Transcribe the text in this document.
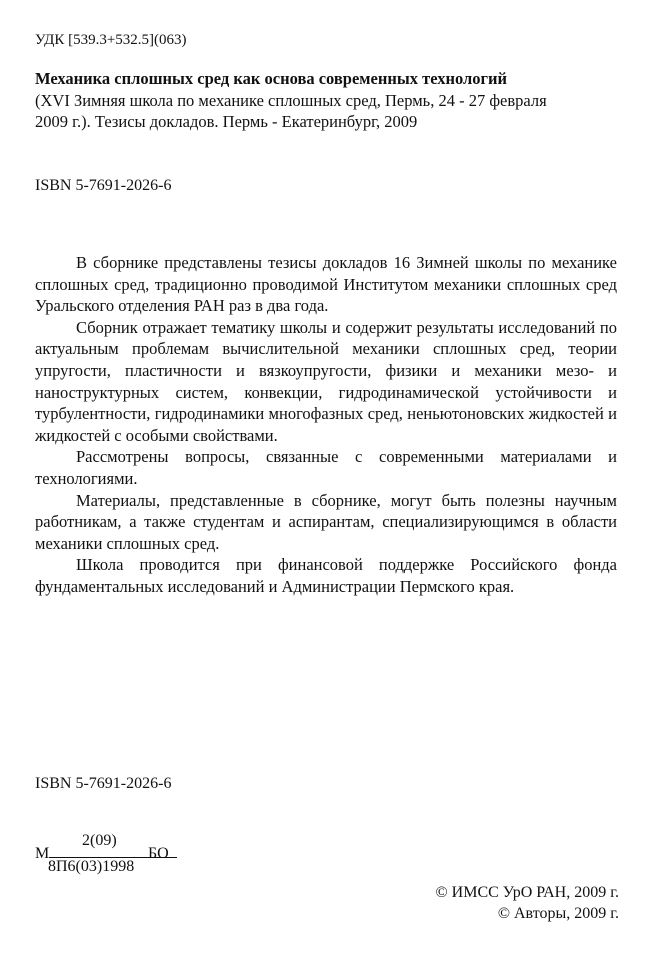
УДК [539.3+532.5](063)
Механика сплошных сред как основа современных технологий
(XVI Зимняя школа по механике сплошных сред, Пермь, 24 - 27 февраля
2009 г.). Тезисы докладов. Пермь - Екатеринбург, 2009
ISBN 5-7691-2026-6

В сборнике представлены тезисы докладов 16 Зимней школы по механике сплошных сред, традиционно проводимой Институтом механики сплошных сред Уральского отделения РАН раз в два года.

Сборник отражает тематику школы и содержит результаты исследований по актуальным проблемам вычислительной механики сплошных сред, теории упругости, пластичности и вязкоупругости, физики и механики мезо- и наноструктурных систем, конвекции, гидродинамической устойчивости и турбулентности, гидродинамики многофазных сред, неньютоновских жидкостей и жидкостей с особыми свойствами.

Рассмотрены вопросы, связанные с современными материалами и технологиями.

Материалы, представленные в сборнике, могут быть полезны научным работникам, а также студентам и аспирантам, специализирующимся в области механики сплошных сред.

Школа проводится при финансовой поддержке Российского фонда фундаментальных исследований и Администрации Пермского края.

ISBN 5-7691-2026-6
М
2(09)
8П6(03)1998
БО
© ИМСС УрО РАН, 2009 г.
© Авторы, 2009 г.
